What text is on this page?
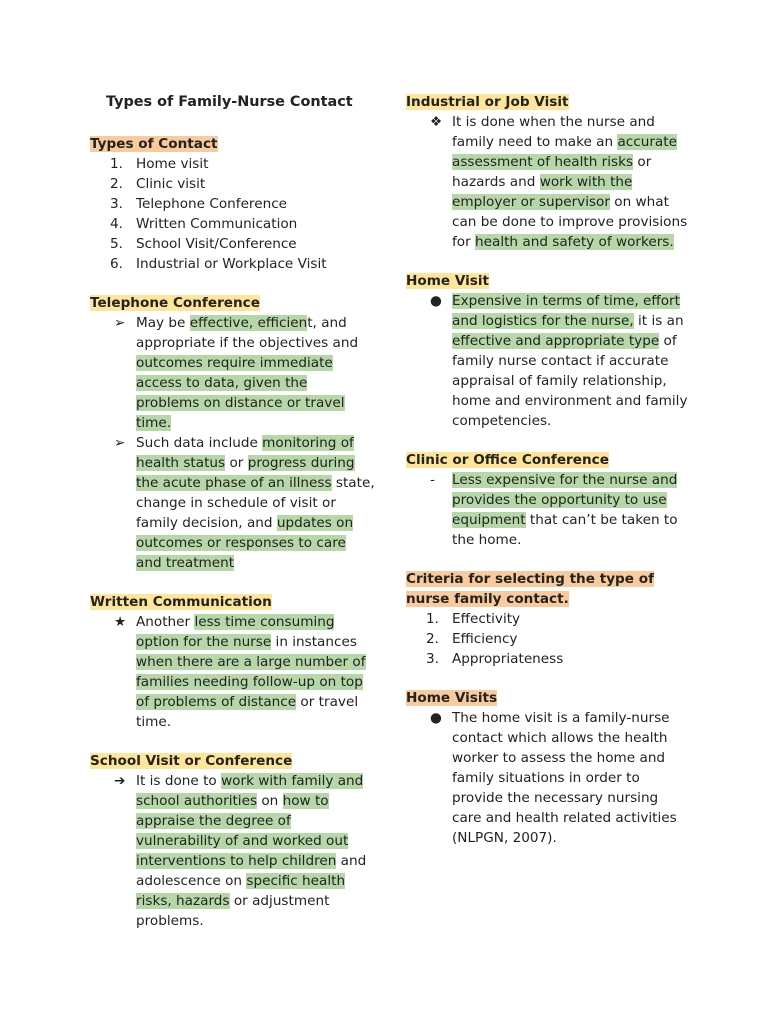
Types of Family-Nurse Contact
Types of Contact
1. Home visit
2. Clinic visit
3. Telephone Conference
4. Written Communication
5. School Visit/Conference
6. Industrial or Workplace Visit
Telephone Conference
➢ May be effective, efficient, and appropriate if the objectives and outcomes require immediate access to data, given the problems on distance or travel time.
➢ Such data include monitoring of health status or progress during the acute phase of an illness state, change in schedule of visit or family decision, and updates on outcomes or responses to care and treatment
Written Communication
★ Another less time consuming option for the nurse in instances when there are a large number of families needing follow-up on top of problems of distance or travel time.
School Visit or Conference
➔ It is done to work with family and school authorities on how to appraise the degree of vulnerability of and worked out interventions to help children and adolescence on specific health risks, hazards or adjustment problems.
Industrial or Job Visit
❖ It is done when the nurse and family need to make an accurate assessment of health risks or hazards and work with the employer or supervisor on what can be done to improve provisions for health and safety of workers.
Home Visit
● Expensive in terms of time, effort and logistics for the nurse, it is an effective and appropriate type of family nurse contact if accurate appraisal of family relationship, home and environment and family competencies.
Clinic or Office Conference
-	Less expensive for the nurse and provides the opportunity to use equipment that can’t be taken to the home.
Criteria for selecting the type of nurse family contact.
1. Effectivity
2. Efficiency
3. Appropriateness
Home Visits
● The home visit is a family-nurse contact which allows the health worker to assess the home and family situations in order to provide the necessary nursing care and health related activities (NLPGN, 2007).
